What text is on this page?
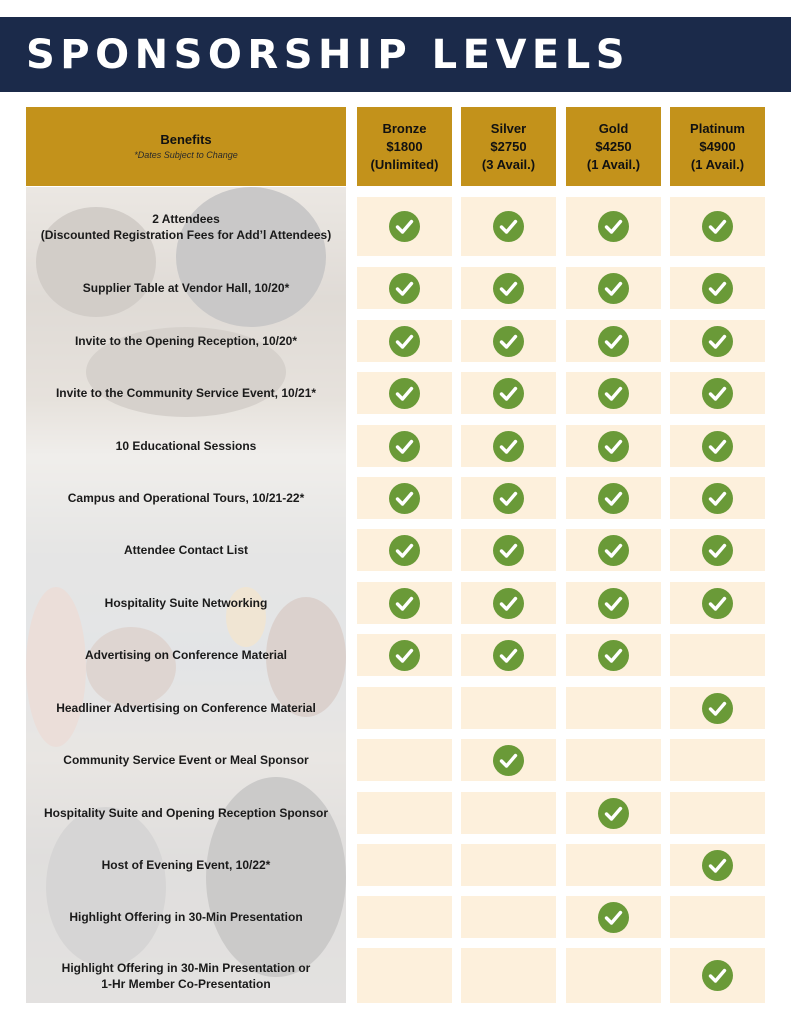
SPONSORSHIP LEVELS
Benefits
*Dates Subject to Change
Bronze
$1800
(Unlimited)
Silver
$2750
(3 Avail.)
Gold
$4250
(1 Avail.)
Platinum
$4900
(1 Avail.)
2 Attendees
(Discounted Registration Fees for Add’l Attendees)
Supplier Table at Vendor Hall, 10/20*
Invite to the Opening Reception, 10/20*
Invite to the Community Service Event, 10/21*
10 Educational Sessions
Campus and Operational Tours, 10/21-22*
Attendee Contact List
Hospitality Suite Networking
Advertising on Conference Material
Headliner Advertising on Conference Material
Community Service Event or Meal Sponsor
Hospitality Suite and Opening Reception Sponsor
Host of Evening Event, 10/22*
Highlight Offering in 30-Min Presentation
Highlight Offering in 30-Min Presentation or
1-Hr Member Co-Presentation
